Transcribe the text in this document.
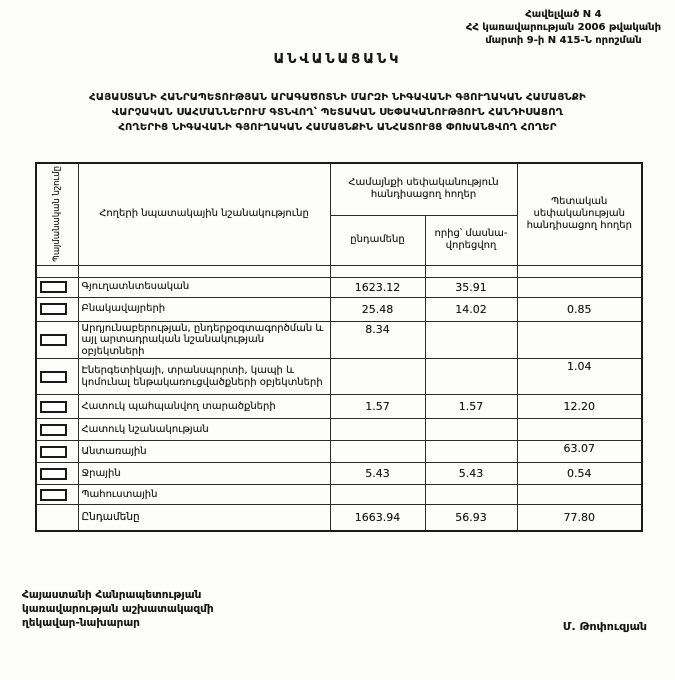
Հավելված N 4
ՀՀ կառավարության 2006 թվականի
մարտի 9-ի N 415-Ն որոշման
ԱՆՎԱՆԱՑԱՆԿ
ՀԱՅԱՍՏԱՆԻ ՀԱՆՐԱՊԵՏՈՒԹՅԱՆ ԱՐԱԳԱԾՈՏՆԻ ՄԱՐԶԻ ՆԻԳԱՎԱՆԻ ԳՅՈՒՂԱԿԱՆ ՀԱՄԱՅՆՔԻ
ՎԱՐՉԱԿԱՆ ՍԱՀՄԱՆՆԵՐՈՒՄ ԳՏՆՎՈՂ՝ ՊԵՏԱԿԱՆ ՍԵՓԱԿԱՆՈՒԹՅՈՒՆ ՀԱՆԴԻՍԱՑՈՂ
ՀՈՂԵՐԻՑ ՆԻԳԱՎԱՆԻ ԳՅՈՒՂԱԿԱՆ ՀԱՄԱՅՆՔԻՆ ԱՆՀԱՏՈՒՅՑ ՓՈԽԱՆՑՎՈՂ ՀՈՂԵՐ
Պայմանական նշումը	Հողերի նպատակային նշանակությունը	Համայնքի սեփականություն հանդիսացող հողեր		Պետական սեփականության հանդիսացող հողեր
		ընդամենը	որից՝ մասնա-վորեցվող	

	Գյուղատնտեսական	1623.12	35.91	
	Բնակավայրերի	25.48	14.02	0.85
	Արդյունաբերության, ընդերքօգտագործման և այլ արտադրական նշանակության օբյեկտների	8.34		
	Էներգետիկայի, տրանսպորտի, կապի և կոմունալ ենթակառուցվածքների օբյեկտների			1.04
	Հատուկ պահպանվող տարածքների	1.57	1.57	12.20
	Հատուկ նշանակության			
	Անտառային			63.07
	Ջրային	5.43	5.43	0.54
	Պահուստային			
	Ընդամենը	1663.94	56.93	77.80
Հայաստանի Հանրապետության
կառավարության աշխատակազմի
ղեկավար-նախարար	Մ. Թոփուզյան
